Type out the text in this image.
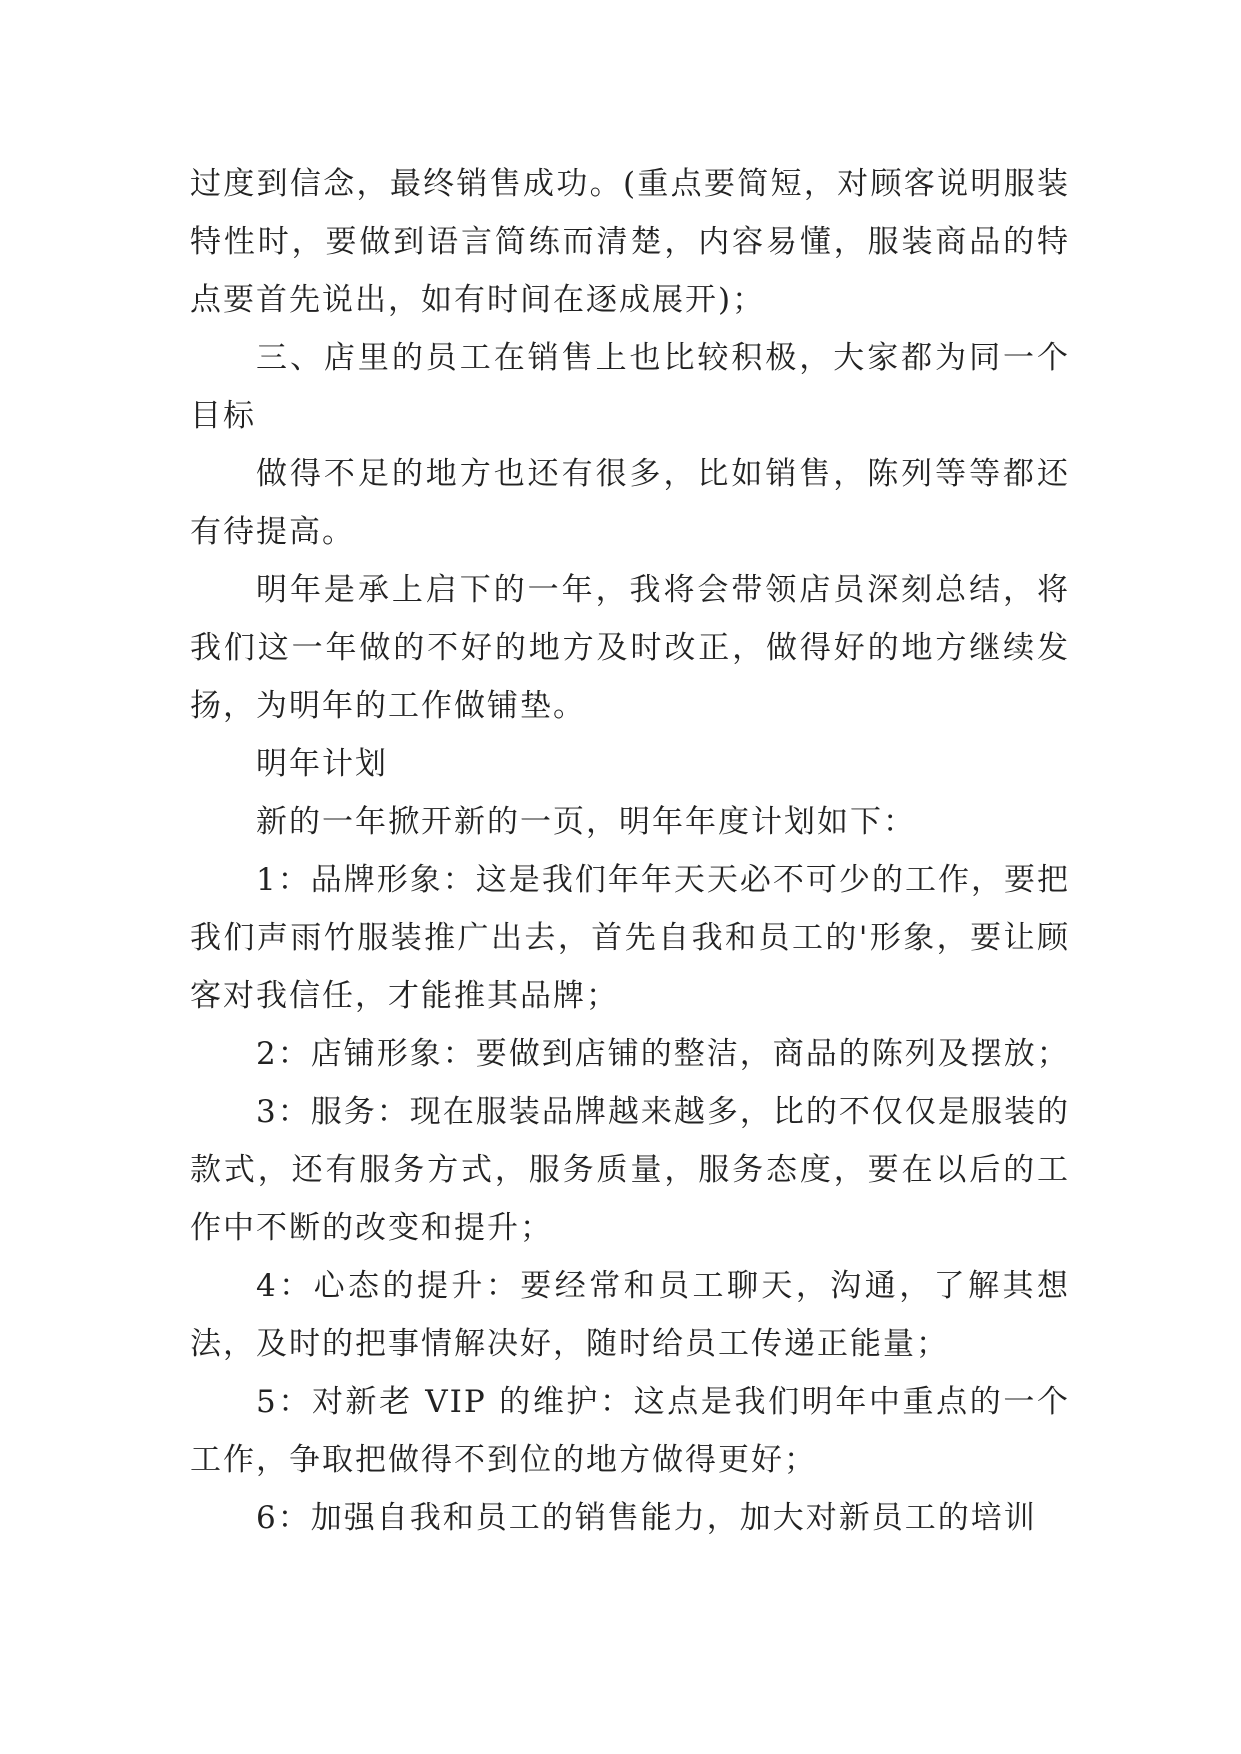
过度到信念，最终销售成功。(重点要简短，对顾客说明服装特性时，要做到语言简练而清楚，内容易懂，服装商品的特点要首先说出，如有时间在逐成展开)；

三、店里的员工在销售上也比较积极，大家都为同一个目标

做得不足的地方也还有很多，比如销售，陈列等等都还有待提高。

明年是承上启下的一年，我将会带领店员深刻总结，将我们这一年做的不好的地方及时改正，做得好的地方继续发扬，为明年的工作做铺垫。

明年计划

新的一年掀开新的一页，明年年度计划如下：

1：品牌形象：这是我们年年天天必不可少的工作，要把我们声雨竹服装推广出去，首先自我和员工的'形象，要让顾客对我信任，才能推其品牌；

2：店铺形象：要做到店铺的整洁，商品的陈列及摆放；

3：服务：现在服装品牌越来越多，比的不仅仅是服装的款式，还有服务方式，服务质量，服务态度，要在以后的工作中不断的改变和提升；

4：心态的提升：要经常和员工聊天，沟通，了解其想法，及时的把事情解决好，随时给员工传递正能量；

5：对新老 VIP 的维护：这点是我们明年中重点的一个工作，争取把做得不到位的地方做得更好；

6：加强自我和员工的销售能力，加大对新员工的培训
